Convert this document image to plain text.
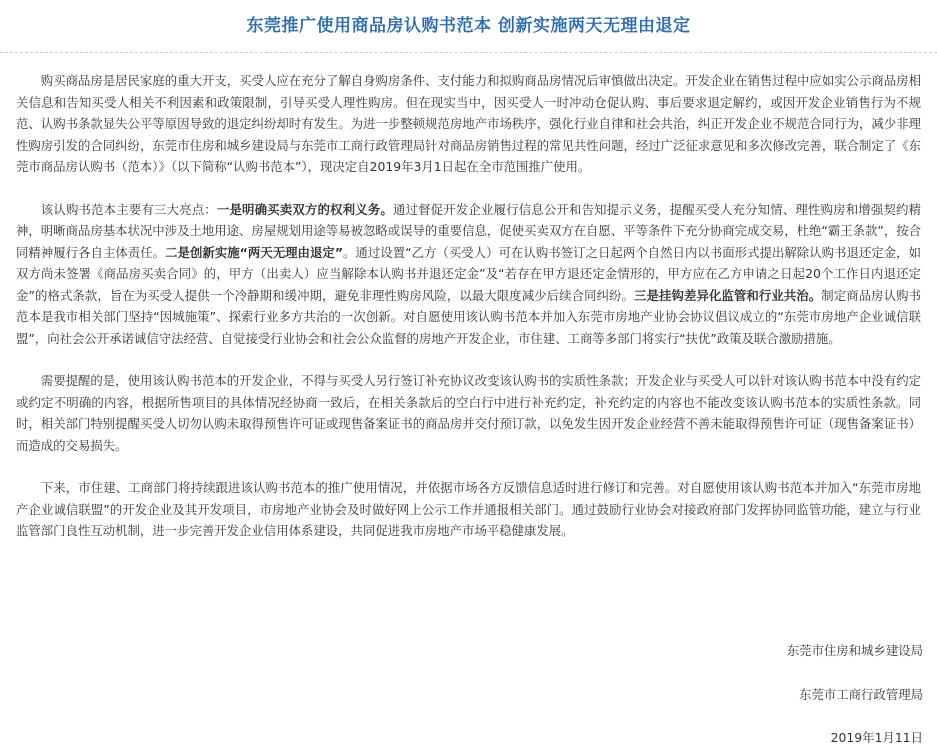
东莞推广使用商品房认购书范本 创新实施两天无理由退定

购买商品房是居民家庭的重大开支，买受人应在充分了解自身购房条件、支付能力和拟购商品房情况后审慎做出决定。开发企业在销售过程中应如实公示商品房相关信息和告知买受人相关不利因素和政策限制，引导买受人理性购房。但在现实当中，因买受人一时冲动仓促认购、事后要求退定解约，或因开发企业销售行为不规范、认购书条款显失公平等原因导致的退定纠纷却时有发生。为进一步整顿规范房地产市场秩序，强化行业自律和社会共治，纠正开发企业不规范合同行为，减少非理性购房引发的合同纠纷，东莞市住房和城乡建设局与东莞市工商行政管理局针对商品房销售过程的常见共性问题，经过广泛征求意见和多次修改完善，联合制定了《东莞市商品房认购书（范本）》（以下简称“认购书范本”），现决定自2019年3月1日起在全市范围推广使用。

该认购书范本主要有三大亮点：一是明确买卖双方的权利义务。通过督促开发企业履行信息公开和告知提示义务，提醒买受人充分知情、理性购房和增强契约精神，明晰商品房基本状况中涉及土地用途、房屋规划用途等易被忽略或误导的重要信息，促使买卖双方在自愿、平等条件下充分协商完成交易，杜绝“霸王条款”，按合同精神履行各自主体责任。二是创新实施“两天无理由退定”。通过设置“乙方（买受人）可在认购书签订之日起两个自然日内以书面形式提出解除认购书退还定金，如双方尚未签署《商品房买卖合同》的，甲方（出卖人）应当解除本认购书并退还定金”及“若存在甲方退还定金情形的，甲方应在乙方申请之日起20个工作日内退还定金”的格式条款，旨在为买受人提供一个冷静期和缓冲期，避免非理性购房风险，以最大限度减少后续合同纠纷。三是挂钩差异化监管和行业共治。制定商品房认购书范本是我市相关部门坚持“因城施策”、探索行业多方共治的一次创新。对自愿使用该认购书范本并加入东莞市房地产业协会协议倡议成立的“东莞市房地产企业诚信联盟”，向社会公开承诺诚信守法经营、自觉接受行业协会和社会公众监督的房地产开发企业，市住建、工商等多部门将实行“扶优”政策及联合激励措施。

需要提醒的是，使用该认购书范本的开发企业，不得与买受人另行签订补充协议改变该认购书的实质性条款；开发企业与买受人可以针对该认购书范本中没有约定或约定不明确的内容，根据所售项目的具体情况经协商一致后，在相关条款后的空白行中进行补充约定，补充约定的内容也不能改变该认购书范本的实质性条款。同时，相关部门特别提醒买受人切勿认购未取得预售许可证或现售备案证书的商品房并交付预订款，以免发生因开发企业经营不善未能取得预售许可证（现售备案证书）而造成的交易损失。

下来，市住建、工商部门将持续跟进该认购书范本的推广使用情况，并依据市场各方反馈信息适时进行修订和完善。对自愿使用该认购书范本并加入“东莞市房地产企业诚信联盟”的开发企业及其开发项目，市房地产业协会及时做好网上公示工作并通报相关部门。通过鼓励行业协会对接政府部门发挥协同监管功能，建立与行业监管部门良性互动机制，进一步完善开发企业信用体系建设，共同促进我市房地产市场平稳健康发展。

东莞市住房和城乡建设局
东莞市工商行政管理局
2019年1月11日
